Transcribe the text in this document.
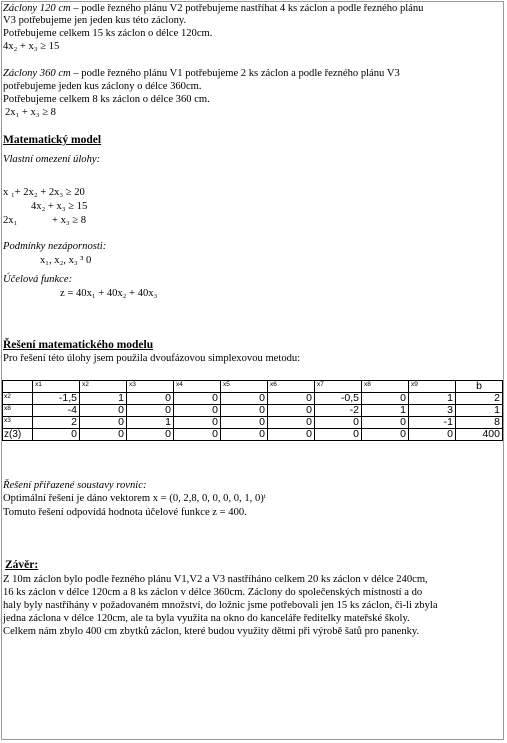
Záclony 120 cm – podle řezného plánu V2 potřebujeme nastříhat 4 ks záclon a podle řezného plánu
V3 potřebujeme jen jeden kus této záclony.
Potřebujeme celkem 15 ks záclon o délce 120cm.
4x₂ + x₃ ≥ 15
Záclony 360 cm – podle řezného plánu V1 potřebujeme 2 ks záclon a podle řezného plánu V3
potřebujeme jeden kus záclony o délce 360cm.
Potřebujeme celkem 8 ks záclon o délce 360 cm.
2x₁ + x₃ ≥ 8
Matematický model
Vlastní omezení úlohy:
x ₁+ 2x₂ + 2x₃ ≥ 20
4x₂ + x₃ ≥ 15
2x₁	+ x₃ ≥ 8
Podmínky nezápornosti:
x₁, x₂, x₃ ³ 0
Účelová funkce:
z = 40x₁ + 40x₂ + 40x₃
Řešení matematického modelu
Pro řešení této úlohy jsem použila dvoufázovou simplexovou metodu:
	x1	x2	x3	x4	x5	x6	x7	x8	x9	b
x2	-1,5	1	0	0	0	0	-0,5	0	1	2
x8	-4	0	0	0	0	0	-2	1	3	1
x3	2	0	1	0	0	0	0	0	-1	8
z(3)	0	0	0	0	0	0	0	0	0	400
Řešení přiřazené soustavy rovnic:
Optimální řešení je dáno vektorem x = (0, 2,8, 0, 0, 0, 0, 1, 0)ᵗ
Tomuto řešení odpovídá hodnota účelové funkce z = 400.
Závěr:
Z 10m záclon bylo podle řezného plánu V1,V2 a V3 nastříháno celkem 20 ks záclon v délce 240cm,
16 ks záclon v délce 120cm a 8 ks záclon v délce 360cm. Záclony do společenských místností a do
haly byly nastříhány v požadovaném množství, do ložnic jsme potřebovali jen 15 ks záclon, či-li zbyla
jedna záclona v délce 120cm, ale ta byla využita na okno do kanceláře ředitelky mateřské školy.
Celkem nám zbylo 400 cm zbytků záclon, které budou využity dětmi při výrobě šatů pro panenky.
